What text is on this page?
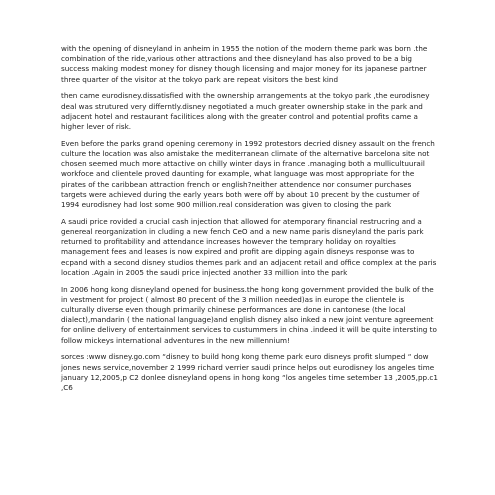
with the opening of disneyland in anheim in 1955 the notion of the modern theme park was born .the
combination of the ride,various other attractions and thee disneyland has also proved to be a big
success making modest money for disney though licensing and major money for its japanese partner
three quarter of the visitor at the tokyo park are repeat visitors the best kind

then came eurodisney.dissatisfied with the ownership arrangements at the tokyo park ,the eurodisney
deal was strutured very differntly.disney negotiated a much greater ownership stake in the park and
adjacent hotel and restaurant facilitices along with the greater control and potential profits came a
higher lever of risk.

Even before the parks grand opening ceremony in 1992 protestors decried disney assault on the french
culture the location was also amistake the mediterranean climate of the alternative barcelona site not
chosen seemed much more attactive on chilly winter days in france .managing both a mullicultuurail
workfoce and clientele proved daunting for example, what language was most appropriate for the
pirates of the caribbean attraction french or english?neither attendence nor consumer purchases
targets were achieved during the early years both were off by about 10 precent by the custumer of
1994 eurodisney had lost some 900 million.real consideration was given to closing the park

A saudi price rovided a crucial cash injection that allowed for atemporary financial restrucring and a
genereal reorganization in cluding a new fench CeO and a new name paris disneyland the paris park
returned to profitability and attendance increases however the temprary holiday on royalties
management fees and leases is now expired and profit are dipping again disneys response was to
ecpand with a second disney studios themes park and an adjacent retail and office complex at the paris
location .Again in 2005 the saudi price injected another 33 million into the park

In 2006 hong kong disneyland opened for business.the hong kong government provided the bulk of the
in vestment for project ( almost 80 precent of the 3 million needed)as in europe the clientele is
culturally diverse even though primarily chinese performances are done in cantonese (the local
dialect),mandarin ( the national language)and english disney also inked a new joint venture agreement
for online delivery of entertainment services to custummers in china .indeed it will be quite intersting to
follow mickeys international adventures in the new millennium!

sorces :www disney.go.com “disney to build hong kong theme park euro disneys profit slumped “ dow
jones news service,november 2 1999 richard verrier saudi prince helps out eurodisney los angeles time
january 12,2005,p C2 donlee disneyland opens in hong kong “los angeles time setember 13 ,2005,pp.c1
,C6
